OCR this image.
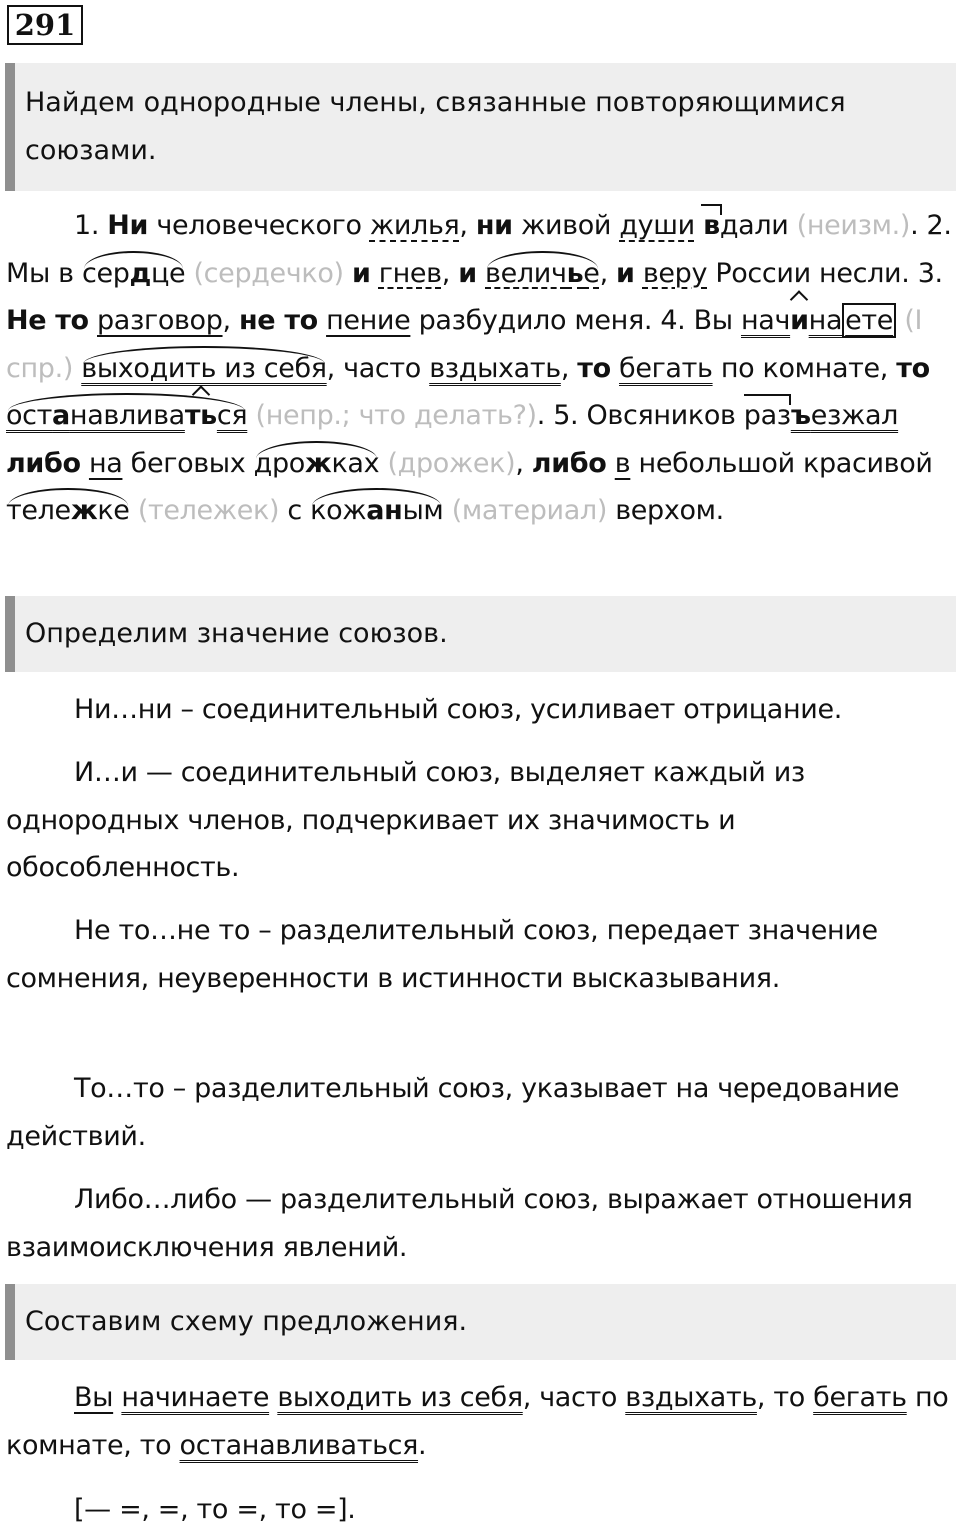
291
Найдем однородные члены, связанные повторяющимися союзами.

1. Ни человеческого жилья, ни живой души вдали (неизм.). 2. Мы в сердце (сердечко) и гнев, и величье, и веру России несли. 3. Не то разговор, не то пение разбудило меня. 4. Вы начина ете (I спр.) выходить из себя, часто вздыхать, то бегать по комнате, то останавливаться (непр.; что делать?). 5. Овсяников разъезжал либо на беговых дрожках (дрожек), либо в небольшой красивой тележке (тележек) с кожаным (материал) верхом.

Определим значение союзов.

Ни…ни – соединительный союз, усиливает отрицание.

И…и — соединительный союз, выделяет каждый из однородных членов, подчеркивает их значимость и обособленность.

Не то…не то – разделительный союз, передает значение сомнения, неуверенности в истинности высказывания.

То…то – разделительный союз, указывает на чередование действий.

Либо…либо — разделительный союз, выражает отношения взаимоисключения явлений.

Составим схему предложения.

Вы начинаете выходить из себя, часто вздыхать, то бегать по комнате, то останавливаться.

[— =, =, то =, то =].
